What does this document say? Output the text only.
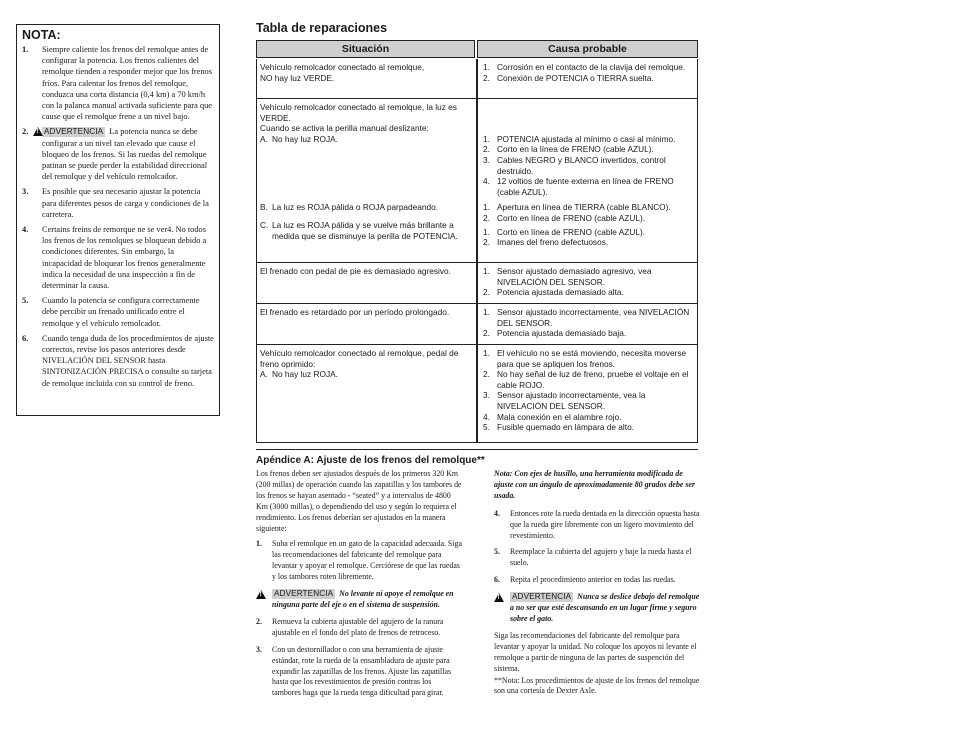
NOTA:
1. Siempre caliente los frenos del remolque antes de configurar la potencia. Los frenos calientes del remolque tienden a responder mejor que los frenos fríos. Para calentar los frenos del remolque, conduzca una corta distancia (0,4 km) a 70 km/h con la palanca manual activada suficiente para que cause que el remolque frene a un nivel bajo.
2.
! ADVERTENCIA La potencia nunca se debe configurar a un nivel tan elevado que cause el bloqueo de los frenos. Si las ruedas del remolque patinan se puede perder la estabilidad direccional del remolque y del vehículo remolcador.
3. Es posible que sea necesario ajustar la potencia para diferentes pesos de carga y condiciones de la carretera.
4. Certains freins de remorque ne se ver4. No todos los frenos de los remolques se bloquean debido a condiciones diferentes. Sin embargo, la incapacidad de bloquear los frenos generalmente indica la necesidad de una inspección a fin de determinar la causa.
5. Cuando la potencia se configura correctamente debe percibir un frenado unificado entre el remolque y el vehículo remolcador.
6. Cuando tenga duda de los procedimientos de ajuste correctos, revise los pasos anteriores desde NIVELACIÓN DEL SENSOR hasta SINTONIZACIÓN PRECISA o consulte su tarjeta de remolque incluida con su control de freno.
Tabla de reparaciones
Situación	Causa probable
Vehículo remolcador conectado al remolque,
NO hay luz VERDE.
1. Corrosión en el contacto de la clavija del remolque.
2. Conexión de POTENCIA o TIERRA suelta.
Vehículo remolcador conectado al remolque, la luz es VERDE.
Cuando se activa la perilla manual deslizante:
A. No hay luz ROJA.
B. La luz es ROJA pálida o ROJA parpadeando.
C. La luz es ROJA pálida y se vuelve más brillante a medida que se disminuye la perilla de POTENCIA.
1. POTENCIA ajustada al mínimo o casi al mínimo.
2. Corto en la línea de FRENO (cable AZUL).
3. Cables NEGRO y BLANCO invertidos, control destruido.
4. 12 voltios de fuente externa en línea de FRENO (cable AZUL).
1. Apertura en línea de TIERRA (cable BLANCO).
2. Corto en línea de FRENO (cable AZUL).
1. Corto en línea de FRENO (cable AZUL).
2. Imanes del freno defectuosos.
El frenado con pedal de pie es demasiado agresivo.	1. Sensor ajustado demasiado agresivo, vea NIVELACIÓN DEL SENSOR.
2. Potencia ajustada demasiado alta.
El frenado es retardado por un período prolongado.	1. Sensor ajustado incorrectamente, vea NIVELACIÓN DEL SENSOR.
2. Potencia ajustada demasiado baja.
Vehículo remolcador conectado al remolque, pedal de freno oprimido:
A. No hay luz ROJA.
1. El vehículo no se está moviendo, necesita moverse para que se apliquen los frenos.
2. No hay señal de luz de freno, pruebe el voltaje en el cable ROJO.
3. Sensor ajustado incorrectamente, vea la NIVELACIÓN DEL SENSOR.
4. Mala conexión en el alambre rojo.
5. Fusible quemado en lámpara de alto.
Apéndice A: Ajuste de los frenos del remolque**

Los frenos deben ser ajustados después de los primeros 320 Km (200 millas) de operación cuando las zapatillas y los tambores de los frenos se hayan asentado - “seated” y a intervalos de 4800 Km (3000 millas), o dependiendo del uso y según lo requiera el rendimiento. Los frenos deberían ser ajustados en la manera siguiente:

1. Suba el remolque en un gato de la capacidad adecuada. Siga las recomendaciones del fabricante del remolque para levantar y apoyar el remolque. Cerciórese de que las ruedas y los tambores roten libremente.
!
ADVERTENCIA No levante ni apoye el remolque en ninguna parte del eje o en el sistema de suspensión.
2. Remueva la cubierta ajustable del agujero de la ranura ajustable en el fondo del plato de frenos de retroceso.
3. Con un destornillador o con una herramienta de ajuste estándar, rote la rueda de la ensambladura de ajuste para expandir las zapatillas de los frenos. Ajuste las zapatillas hasta que los revestimientos de presión contras los tambores haga que la rueda tenga dificultad para girar.

Nota: Con ejes de husillo, una herramienta modificada de ajuste con un ángulo de aproximadamente 80 grados debe ser usada.

4. Entonces rote la rueda dentada en la dirección opuesta hasta que la rueda gire libremente con un ligero movimiento del revestimiento.
5. Reemplace la cubierta del agujero y baje la rueda hasta el suelo.
6. Repita el procedimiento anterior en todas las ruedas.
!
ADVERTENCIA Nunca se deslice debajo del remolque a no ser que esté descansando en un lugar firme y seguro sobre el gato.

Siga las recomendaciones del fabricante del remolque para levantar y apoyar la unidad. No coloque los apoyos ni levante el remolque a partir de ninguna de las partes de suspención del sistema.

**Nota: Los procedimientos de ajuste de los frenos del remolque son una cortesía de Dexter Axle.
